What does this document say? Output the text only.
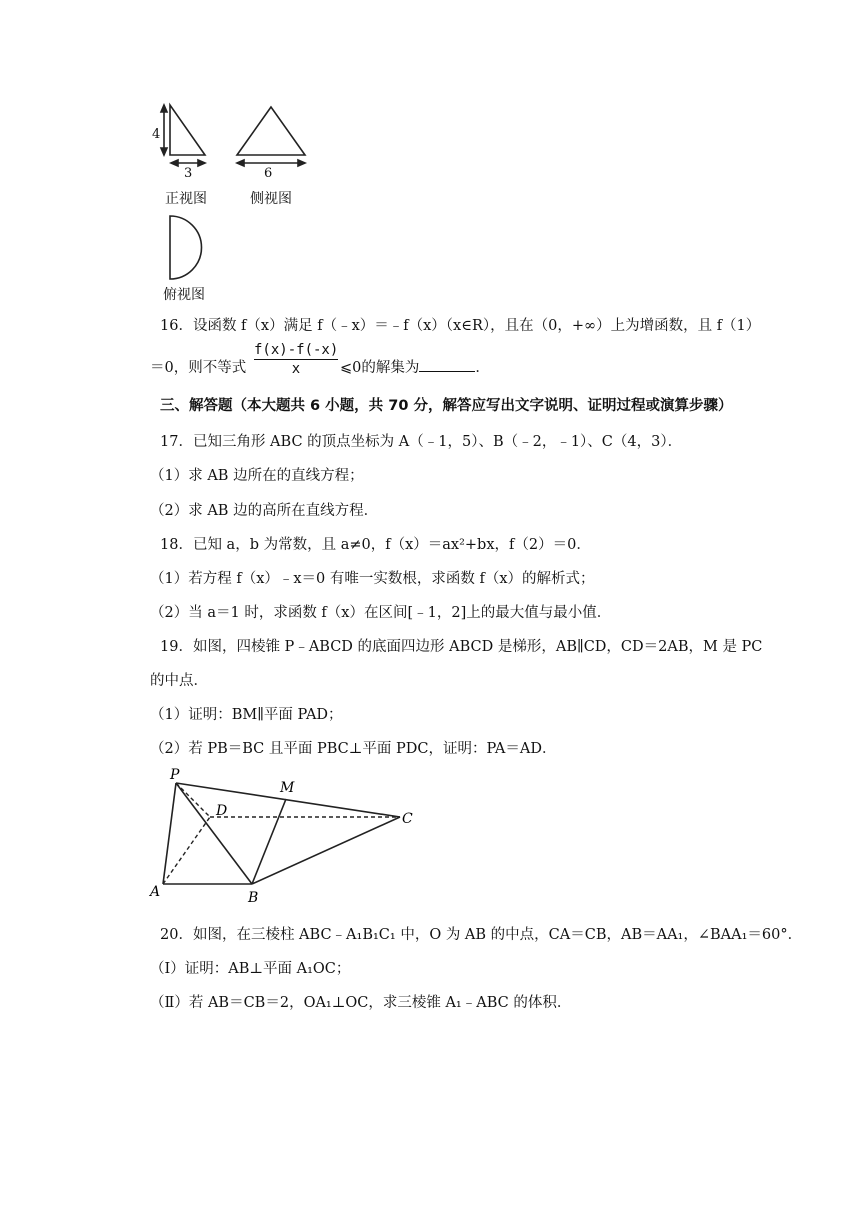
4
3
正视图
6
侧视图
俯视图
16．设函数 f（x）满足 f（﹣x）＝﹣f（x）（x∈R），且在（0，+∞）上为增函数，且 f（1）
＝0，则不等式
f(x)-f(-x)
x	⩽0的解集为	．
三、解答题（本大题共 6 小题，共 70 分，解答应写出文字说明、证明过程或演算步骤）
17．已知三角形 ABC 的顶点坐标为 A（﹣1，5）、B（﹣2，﹣1）、C（4，3）．
（1）求 AB 边所在的直线方程；
（2）求 AB 边的高所在直线方程．
18．已知 a，b 为常数，且 a≠0，f（x）＝ax²+bx，f（2）＝0．
（1）若方程 f（x）﹣x＝0 有唯一实数根，求函数 f（x）的解析式；
（2）当 a＝1 时，求函数 f（x）在区间[﹣1，2]上的最大值与最小值．
19．如图，四棱锥 P﹣ABCD 的底面四边形 ABCD 是梯形，AB∥CD，CD＝2AB，M 是 PC
的中点．
（1）证明：BM∥平面 PAD；
（2）若 PB＝BC 且平面 PBC⊥平面 PDC，证明：PA＝AD．
P
M
D	C
A	B
20．如图，在三棱柱 ABC﹣A₁B₁C₁ 中，O 为 AB 的中点，CA＝CB，AB＝AA₁，∠BAA₁＝60°．
（Ⅰ）证明：AB⊥平面 A₁OC；
（Ⅱ）若 AB＝CB＝2，OA₁⊥OC，求三棱锥 A₁﹣ABC 的体积．
